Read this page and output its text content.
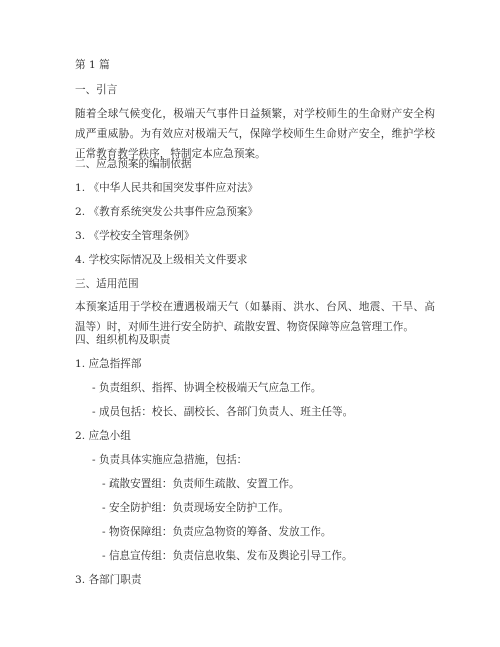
第 1 篇
一、引言
随着全球气候变化，极端天气事件日益频繁，对学校师生的生命财产安全构成严重威胁。为有效应对极端天气，保障学校师生生命财产安全，维护学校正常教育教学秩序，特制定本应急预案。
二、应急预案的编制依据
1. 《中华人民共和国突发事件应对法》
2. 《教育系统突发公共事件应急预案》
3. 《学校安全管理条例》
4. 学校实际情况及上级相关文件要求
三、适用范围
本预案适用于学校在遭遇极端天气（如暴雨、洪水、台风、地震、干旱、高温等）时，对师生进行安全防护、疏散安置、物资保障等应急管理工作。
四、组织机构及职责
1. 应急指挥部
- 负责组织、指挥、协调全校极端天气应急工作。
- 成员包括：校长、副校长、各部门负责人、班主任等。
2. 应急小组
- 负责具体实施应急措施，包括：
- 疏散安置组：负责师生疏散、安置工作。
- 安全防护组：负责现场安全防护工作。
- 物资保障组：负责应急物资的筹备、发放工作。
- 信息宣传组：负责信息收集、发布及舆论引导工作。
3. 各部门职责
